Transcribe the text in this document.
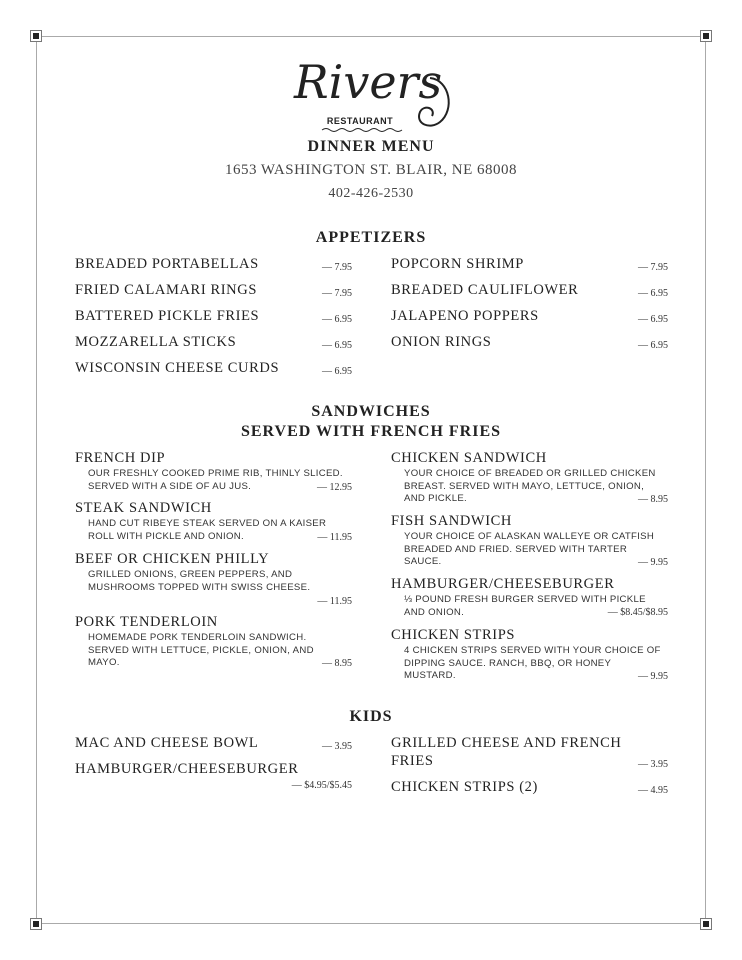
Rivers
RESTAURANT
DINNER MENU
1653 WASHINGTON ST. BLAIR, NE 68008
402-426-2530
APPETIZERS
BREADED PORTABELLAS	— 7.95
FRIED CALAMARI RINGS	— 7.95
BATTERED PICKLE FRIES	— 6.95
MOZZARELLA STICKS	— 6.95
WISCONSIN CHEESE CURDS	— 6.95
POPCORN SHRIMP	— 7.95
BREADED CAULIFLOWER	— 6.95
JALAPENO POPPERS	— 6.95
ONION RINGS	— 6.95
SANDWICHES
SERVED WITH FRENCH FRIES
FRENCH DIP
OUR FRESHLY COOKED PRIME RIB, THINLY SLICED.
SERVED WITH A SIDE OF AU JUS.	— 12.95
STEAK SANDWICH
HAND CUT RIBEYE STEAK SERVED ON A KAISER
ROLL WITH PICKLE AND ONION.	— 11.95
BEEF OR CHICKEN PHILLY
GRILLED ONIONS, GREEN PEPPERS, AND
MUSHROOMS TOPPED WITH SWISS CHEESE.
— 11.95
PORK TENDERLOIN
HOMEMADE PORK TENDERLOIN SANDWICH.
SERVED WITH LETTUCE, PICKLE, ONION, AND
MAYO.	— 8.95
CHICKEN SANDWICH
YOUR CHOICE OF BREADED OR GRILLED CHICKEN
BREAST. SERVED WITH MAYO, LETTUCE, ONION,
AND PICKLE.	— 8.95
FISH SANDWICH
YOUR CHOICE OF ALASKAN WALLEYE OR CATFISH
BREADED AND FRIED. SERVED WITH TARTER
SAUCE.	— 9.95
HAMBURGER/CHEESEBURGER
⅓ POUND FRESH BURGER SERVED WITH PICKLE
AND ONION.	— $8.45/$8.95
CHICKEN STRIPS
4 CHICKEN STRIPS SERVED WITH YOUR CHOICE OF
DIPPING SAUCE. RANCH, BBQ, OR HONEY
MUSTARD.	— 9.95
KIDS
MAC AND CHEESE BOWL	— 3.95
HAMBURGER/CHEESEBURGER
— $4.95/$5.45
GRILLED CHEESE AND FRENCH
FRIES	— 3.95
CHICKEN STRIPS (2)	— 4.95
